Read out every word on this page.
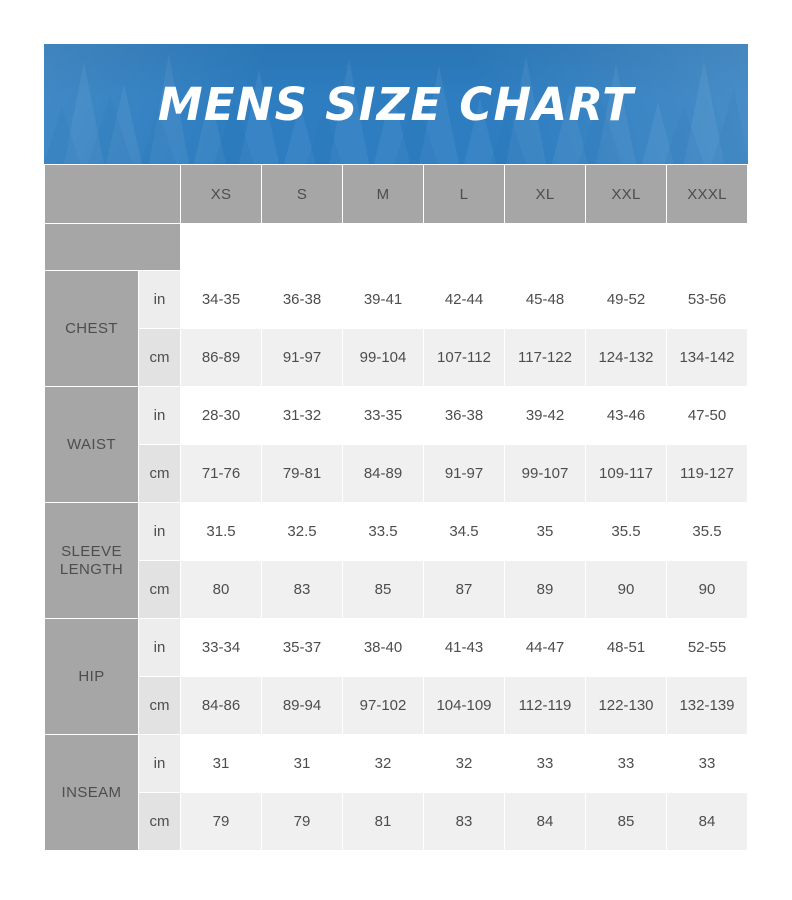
MENS SIZE CHART
		XS	S	M	L	XL	XXL	XXXL

CHEST	in	34-35	36-38	39-41	42-44	45-48	49-52	53-56
	cm	86-89	91-97	99-104	107-112	117-122	124-132	134-142
WAIST	in	28-30	31-32	33-35	36-38	39-42	43-46	47-50
	cm	71-76	79-81	84-89	91-97	99-107	109-117	119-127
SLEEVE LENGTH	in	31.5	32.5	33.5	34.5	35	35.5	35.5
	cm	80	83	85	87	89	90	90
HIP	in	33-34	35-37	38-40	41-43	44-47	48-51	52-55
	cm	84-86	89-94	97-102	104-109	112-119	122-130	132-139
INSEAM	in	31	31	32	32	33	33	33
	cm	79	79	81	83	84	85	84
